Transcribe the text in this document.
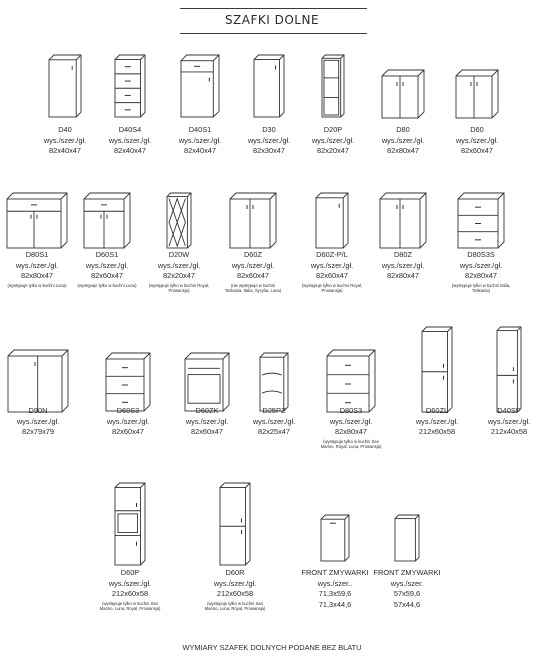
SZAFKI DOLNE
D40
wys./szer./gł.
82x40x47
D40S4
wys./szer./gł.
82x40x47
D40S1
wys./szer./gł.
82x40x47
D30
wys./szer./gł.
82x30x47
D20P
wys./szer./gł.
82x20x47
D80
wys./szer./gł.
82x80x47
D60
wys./szer./gł.
82x60x47
D80S1
wys./szer./gł.
82x80x47
(występuje tylko w kuchni Luna)
D60S1
wys./szer./gł.
82x60x47
(występuje tylko w kuchni Luna)
D20W
wys./szer./gł.
82x20x47
(występuje tylko w kuchni Royal, Prowansja)
D60Z
wys./szer./gł.
82x60x47
(nie występuje w kuchni Toskania, Italia, Sycylia, Luna)
D60Z-P/L
wys./szer./gł.
82x60x47
(występuje tylko w kuchni Royal, Prowansja)
D80Z
wys./szer./gł.
82x80x47
D80S3S
wys./szer./gł.
82x80x47
(występuje tylko w kuchni Italia, Toskania)
D90N
wys./szer./gł.
82x79x79
D60S3
wys./szer./gł.
82x60x47
D60ZK
wys./szer./gł.
82x60x47
D25PZ
wys./szer./gł.
82x25x47
D80S3
wys./szer./gł.
82x80x47
(występuje tylko w kuchni San Marino, Royal, Luna, Prowansja)
D60ZL
wys./szer./gł.
212x60x58
D40SP
wys./szer./gł.
212x40x58
D60P
wys./szer./gł.
212x60x58
(występuje tylko w kuchni San Marino, Luna, Royal, Prowansja)
D60R
wys./szer./gł.
212x60x58
(występuje tylko w kuchni San Marino, Luna, Royal, Prowansja)
FRONT ZMYWARKI
wys./szer..
71,3x59,6
71,3x44,6
FRONT ZMYWARKI
wys./szer.
57x59,6
57x44,6
WYMIARY SZAFEK DOLNYCH PODANE BEZ BLATU
